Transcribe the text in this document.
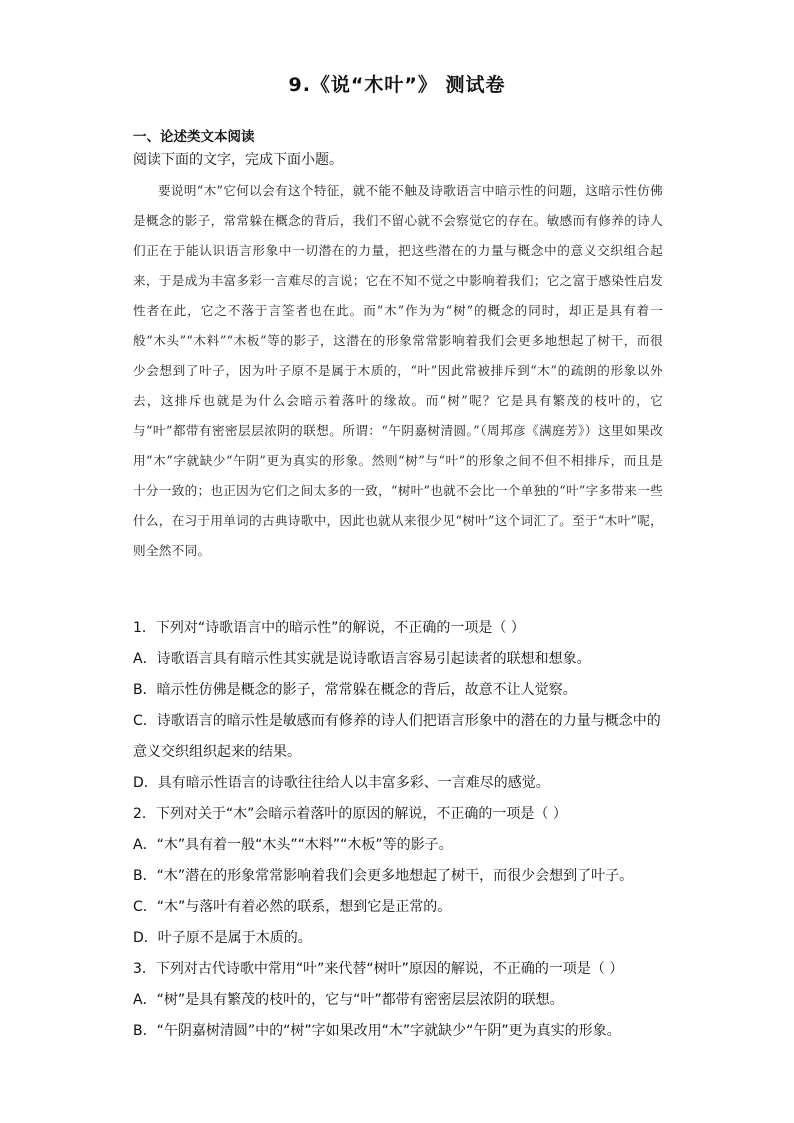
9.《说“木叶”》 测试卷
一、论述类文本阅读
阅读下面的文字，完成下面小题。

要说明“木”它何以会有这个特征，就不能不触及诗歌语言中暗示性的问题，这暗示性仿佛是概念的影子，常常躲在概念的背后，我们不留心就不会察觉它的存在。敏感而有修养的诗人们正在于能认识语言形象中一切潜在的力量，把这些潜在的力量与概念中的意义交织组合起来，于是成为丰富多彩一言难尽的言说；它在不知不觉之中影响着我们；它之富于感染性启发性者在此，它之不落于言筌者也在此。而“木”作为为“树”的概念的同时，却正是具有着一般“木头”“木料”“木板”等的影子，这潜在的形象常常影响着我们会更多地想起了树干，而很少会想到了叶子，因为叶子原不是属于木质的，“叶”因此常被排斥到“木”的疏朗的形象以外去，这排斥也就是为什么会暗示着落叶的缘故。而“树”呢？它是具有繁茂的枝叶的，它与“叶”都带有密密层层浓阴的联想。所谓：“午阴嘉树清圆。”（周邦彦《满庭芳》）这里如果改用“木”字就缺少“午阴”更为真实的形象。然则“树”与“叶”的形象之间不但不相排斥，而且是十分一致的；也正因为它们之间太多的一致，“树叶”也就不会比一个单独的“叶”字多带来一些什么，在习于用单词的古典诗歌中，因此也就从来很少见“树叶”这个词汇了。至于“木叶”呢，则全然不同。

1．下列对“诗歌语言中的暗示性”的解说，不正确的一项是（ ）
A．诗歌语言具有暗示性其实就是说诗歌语言容易引起读者的联想和想象。
B．暗示性仿佛是概念的影子，常常躲在概念的背后，故意不让人觉察。
C．诗歌语言的暗示性是敏感而有修养的诗人们把语言形象中的潜在的力量与概念中的意义交织组织起来的结果。
D．具有暗示性语言的诗歌往往给人以丰富多彩、一言难尽的感觉。
2．下列对关于“木”会暗示着落叶的原因的解说，不正确的一项是（ ）
A．“木”具有着一般“木头”“木料”“木板”等的影子。
B．“木”潜在的形象常常影响着我们会更多地想起了树干，而很少会想到了叶子。
C．“木”与落叶有着必然的联系，想到它是正常的。
D．叶子原不是属于木质的。
3．下列对古代诗歌中常用“叶”来代替“树叶”原因的解说，不正确的一项是（ ）
A．“树”是具有繁茂的枝叶的，它与“叶”都带有密密层层浓阴的联想。
B．“午阴嘉树清圆”中的“树”字如果改用“木”字就缺少“午阴”更为真实的形象。
